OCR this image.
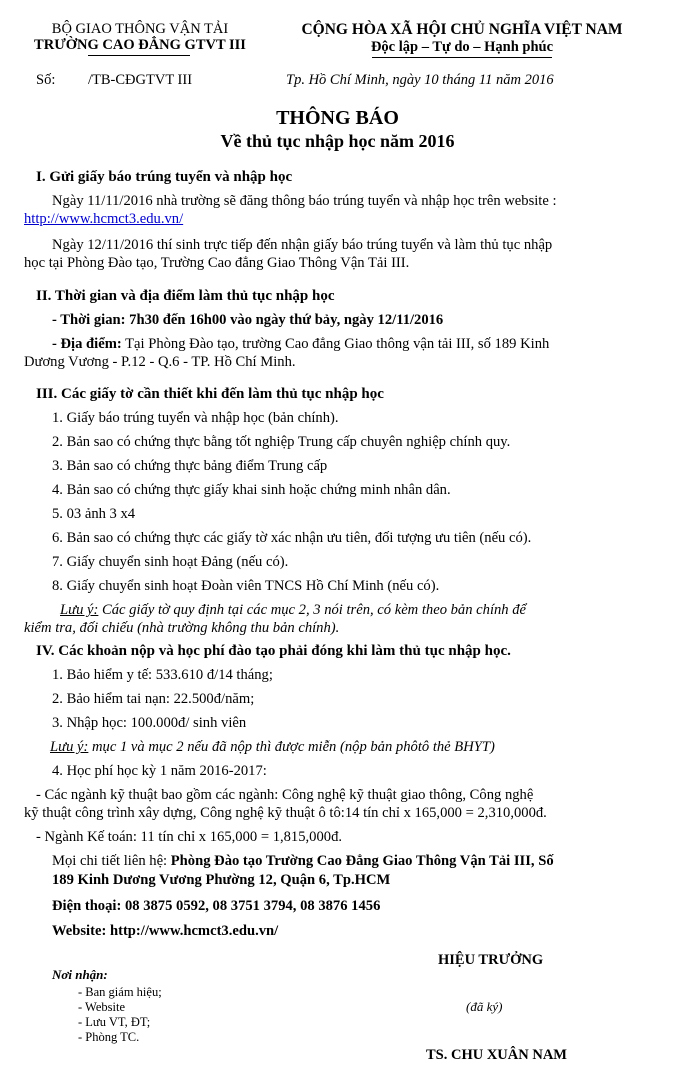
BỘ GIAO THÔNG VẬN TẢI
TRƯỜNG CAO ĐẲNG GTVT III
Số: /TB-CĐGTVT III
CỘNG HÒA XÃ HỘI CHỦ NGHĨA VIỆT NAM
Độc lập – Tự do – Hạnh phúc
Tp. Hồ Chí Minh, ngày 10 tháng 11 năm 2016
THÔNG BÁO
Về thủ tục nhập học năm 2016
I. Gửi giấy báo trúng tuyển và nhập học
Ngày 11/11/2016 nhà trường sẽ đăng thông báo trúng tuyển và nhập học trên website :
http://www.hcmct3.edu.vn/
Ngày 12/11/2016 thí sinh trực tiếp đến nhận giấy báo trúng tuyển và làm thủ tục nhập
học tại Phòng Đào tạo, Trường Cao đẳng Giao Thông Vận Tải III.
II. Thời gian và địa điểm làm thủ tục nhập học
- Thời gian: 7h30 đến 16h00 vào ngày thứ bảy, ngày 12/11/2016
- Địa điểm: Tại Phòng Đào tạo, trường Cao đẳng Giao thông vận tải III, số 189 Kinh
Dương Vương - P.12 - Q.6 - TP. Hồ Chí Minh.
III. Các giấy tờ cần thiết khi đến làm thủ tục nhập học
1. Giấy báo trúng tuyển và nhập học (bản chính).
2. Bản sao có chứng thực bằng tốt nghiệp Trung cấp chuyên nghiệp chính quy.
3. Bản sao có chứng thực bảng điểm Trung cấp
4. Bản sao có chứng thực giấy khai sinh hoặc chứng minh nhân dân.
5. 03 ảnh 3 x4
6. Bản sao có chứng thực các giấy tờ xác nhận ưu tiên, đối tượng ưu tiên (nếu có).
7. Giấy chuyển sinh hoạt Đảng (nếu có).
8. Giấy chuyển sinh hoạt Đoàn viên TNCS Hồ Chí Minh (nếu có).
Lưu ý: Các giấy tờ quy định tại các mục 2, 3 nói trên, có kèm theo bản chính để
kiểm tra, đối chiếu (nhà trường không thu bản chính).
IV. Các khoản nộp và học phí đào tạo phải đóng khi làm thủ tục nhập học.
1. Bảo hiểm y tế: 533.610 đ/14 tháng;
2. Bảo hiểm tai nạn: 22.500đ/năm;
3. Nhập học: 100.000đ/ sinh viên
Lưu ý: mục 1 và mục 2 nếu đã nộp thì được miễn (nộp bản phôtô thẻ BHYT)
4. Học phí học kỳ 1 năm 2016-2017:
- Các ngành kỹ thuật bao gồm các ngành: Công nghệ kỹ thuật giao thông, Công nghệ
kỹ thuật công trình xây dựng, Công nghệ kỹ thuật ô tô:14 tín chỉ x 165,000 = 2,310,000đ.
- Ngành Kế toán: 11 tín chỉ x 165,000 = 1,815,000đ.
Mọi chi tiết liên hệ: Phòng Đào tạo Trường Cao Đẳng Giao Thông Vận Tải III, Số
189 Kinh Dương Vương Phường 12, Quận 6, Tp.HCM
Điện thoại: 08 3875 0592, 08 3751 3794, 08 3876 1456
Website: http://www.hcmct3.edu.vn/
HIỆU TRƯỞNG
Nơi nhận:
- Ban giám hiệu;
- Website
- Lưu VT, ĐT;
- Phòng TC.
(đã ký)
TS. CHU XUÂN NAM
